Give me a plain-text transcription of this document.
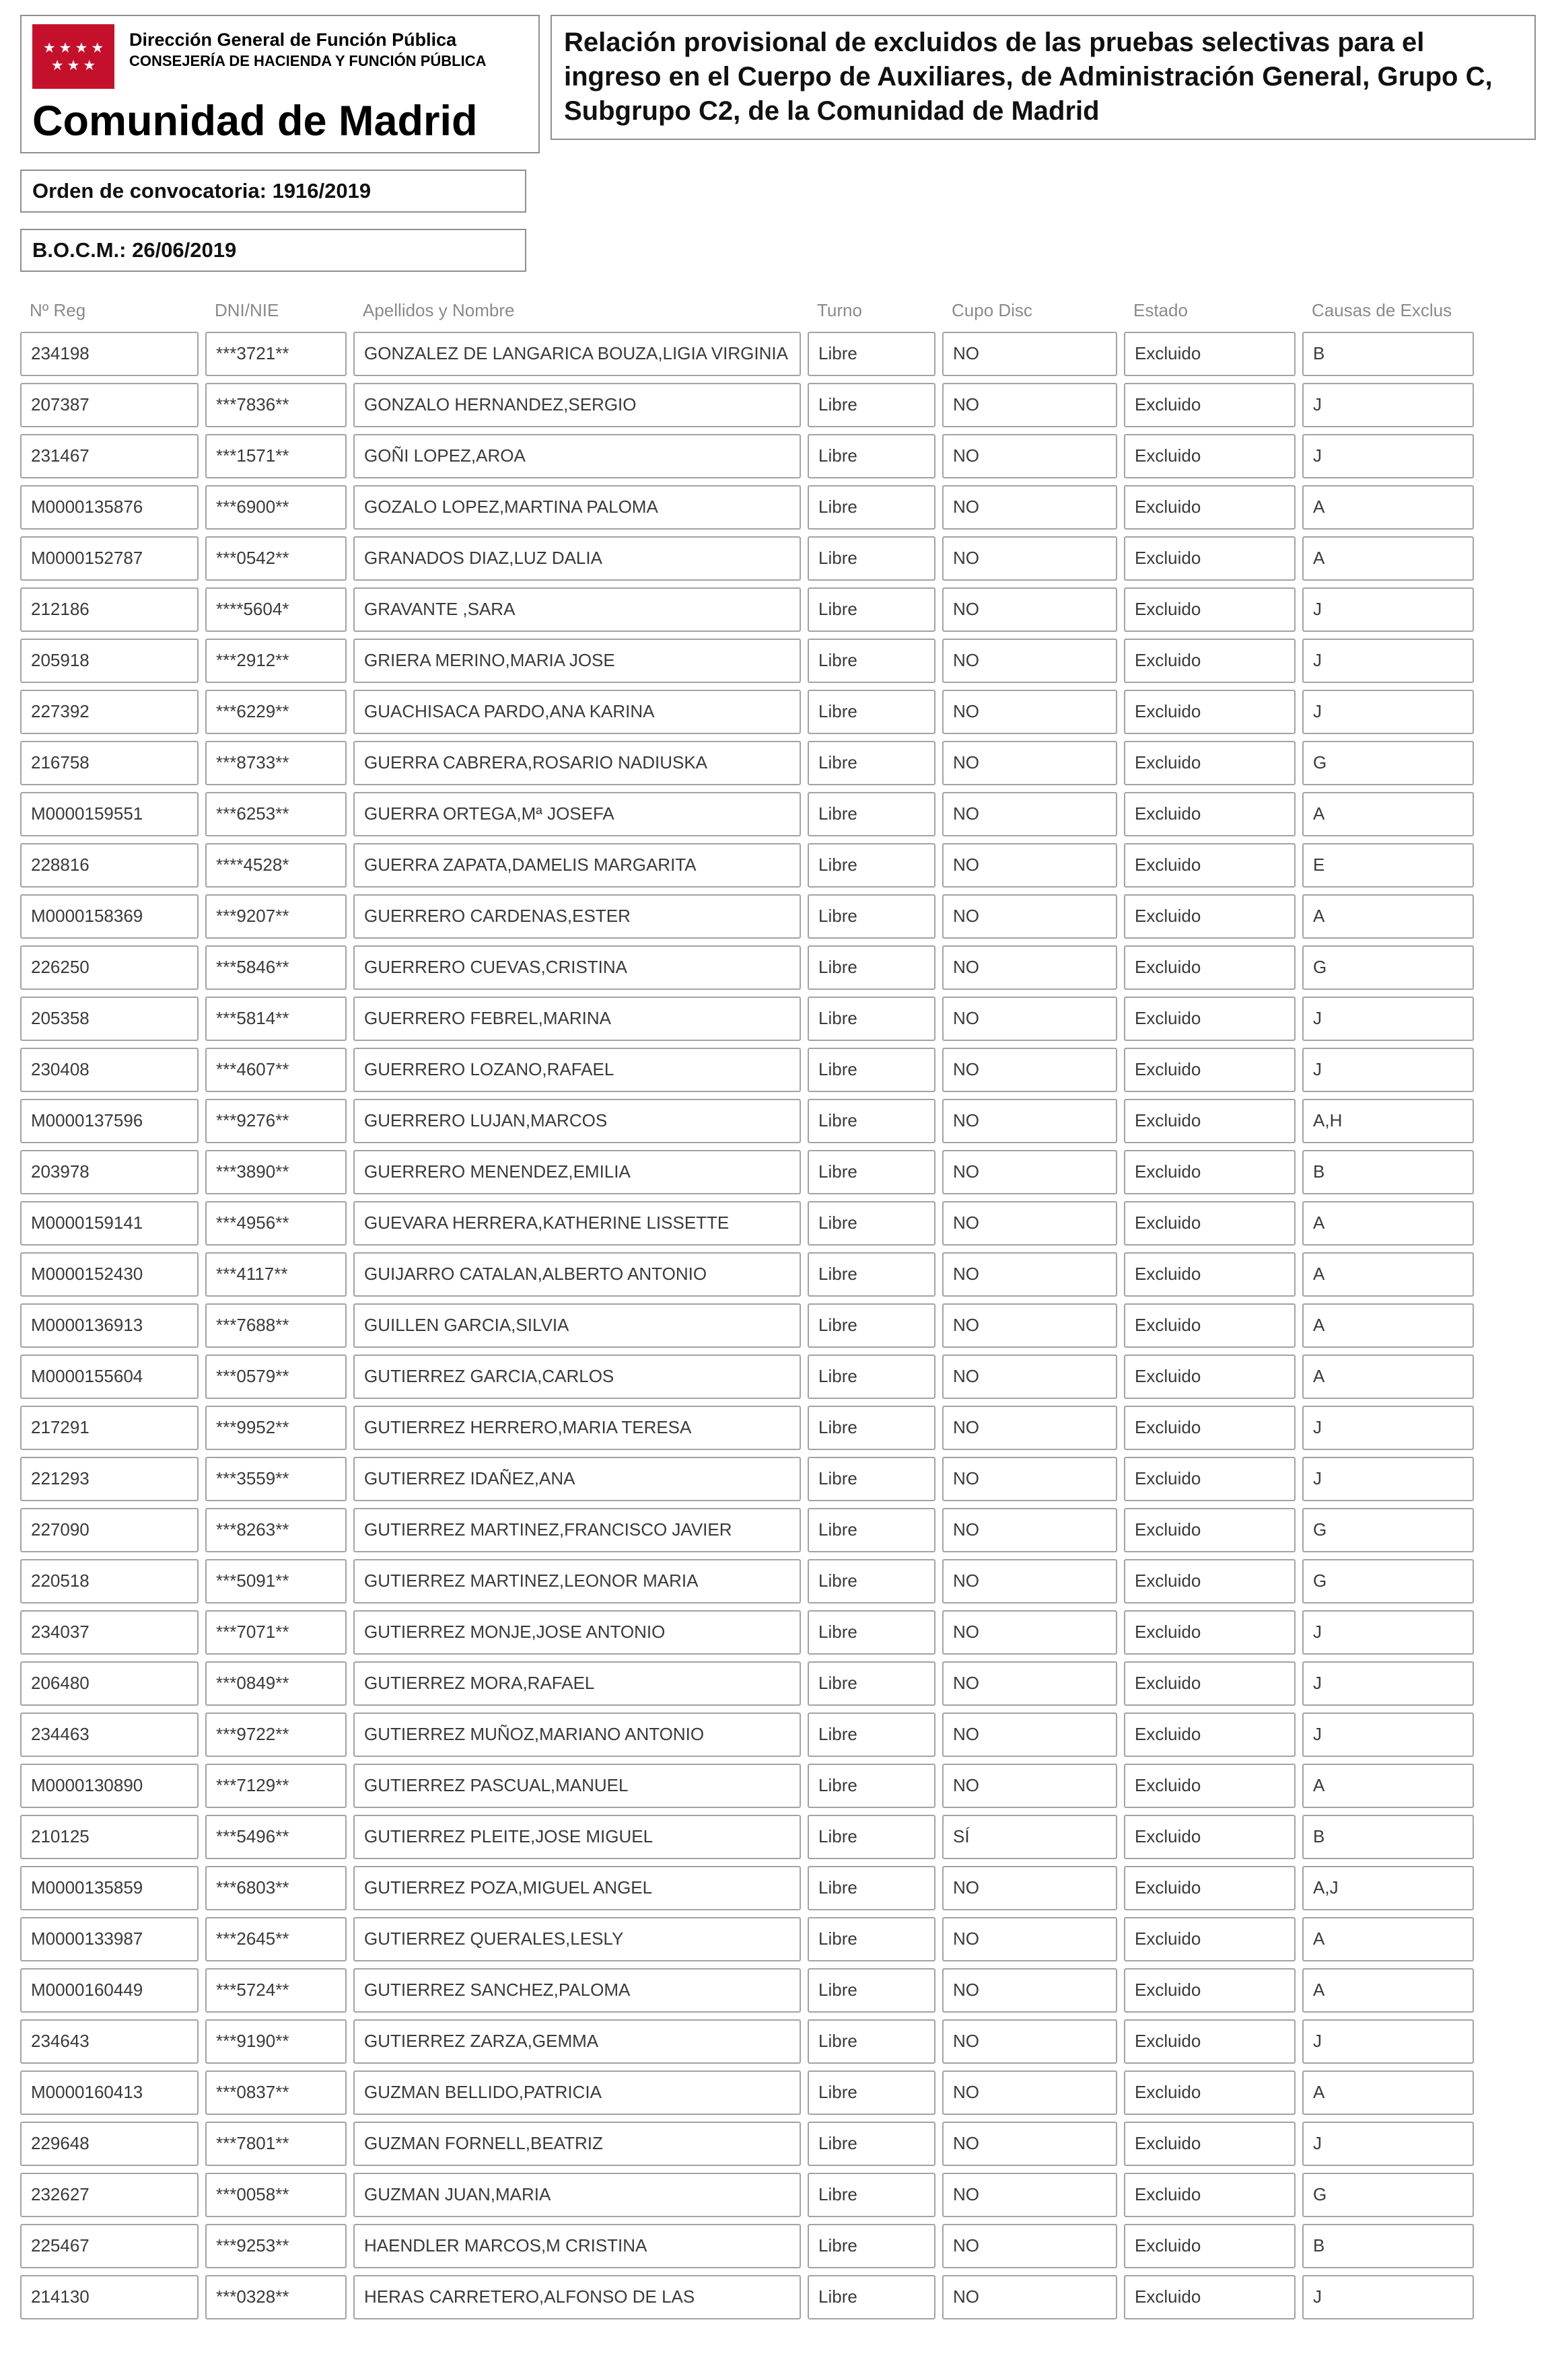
★★★★
★★★
Dirección General de Función Pública
CONSEJERÍA DE HACIENDA Y FUNCIÓN PÚBLICA
Comunidad de Madrid
Relación provisional de excluidos de las pruebas selectivas para el ingreso en el Cuerpo de Auxiliares, de Administración General, Grupo C, Subgrupo C2, de la Comunidad de Madrid
Orden de convocatoria: 1916/2019
B.O.C.M.: 26/06/2019
Nº Reg	DNI/NIE	Apellidos y Nombre	Turno	Cupo Disc	Estado	Causas de Exclus
234198	***3721**	GONZALEZ DE LANGARICA BOUZA,LIGIA VIRGINIA	Libre	NO	Excluido	B
207387	***7836**	GONZALO HERNANDEZ,SERGIO	Libre	NO	Excluido	J
231467	***1571**	GOÑI LOPEZ,AROA	Libre	NO	Excluido	J
M0000135876	***6900**	GOZALO LOPEZ,MARTINA PALOMA	Libre	NO	Excluido	A
M0000152787	***0542**	GRANADOS DIAZ,LUZ DALIA	Libre	NO	Excluido	A
212186	****5604*	GRAVANTE ,SARA	Libre	NO	Excluido	J
205918	***2912**	GRIERA MERINO,MARIA JOSE	Libre	NO	Excluido	J
227392	***6229**	GUACHISACA PARDO,ANA KARINA	Libre	NO	Excluido	J
216758	***8733**	GUERRA CABRERA,ROSARIO NADIUSKA	Libre	NO	Excluido	G
M0000159551	***6253**	GUERRA ORTEGA,Mª JOSEFA	Libre	NO	Excluido	A
228816	****4528*	GUERRA ZAPATA,DAMELIS MARGARITA	Libre	NO	Excluido	E
M0000158369	***9207**	GUERRERO CARDENAS,ESTER	Libre	NO	Excluido	A
226250	***5846**	GUERRERO CUEVAS,CRISTINA	Libre	NO	Excluido	G
205358	***5814**	GUERRERO FEBREL,MARINA	Libre	NO	Excluido	J
230408	***4607**	GUERRERO LOZANO,RAFAEL	Libre	NO	Excluido	J
M0000137596	***9276**	GUERRERO LUJAN,MARCOS	Libre	NO	Excluido	A,H
203978	***3890**	GUERRERO MENENDEZ,EMILIA	Libre	NO	Excluido	B
M0000159141	***4956**	GUEVARA HERRERA,KATHERINE LISSETTE	Libre	NO	Excluido	A
M0000152430	***4117**	GUIJARRO CATALAN,ALBERTO ANTONIO	Libre	NO	Excluido	A
M0000136913	***7688**	GUILLEN GARCIA,SILVIA	Libre	NO	Excluido	A
M0000155604	***0579**	GUTIERREZ GARCIA,CARLOS	Libre	NO	Excluido	A
217291	***9952**	GUTIERREZ HERRERO,MARIA TERESA	Libre	NO	Excluido	J
221293	***3559**	GUTIERREZ IDAÑEZ,ANA	Libre	NO	Excluido	J
227090	***8263**	GUTIERREZ MARTINEZ,FRANCISCO JAVIER	Libre	NO	Excluido	G
220518	***5091**	GUTIERREZ MARTINEZ,LEONOR MARIA	Libre	NO	Excluido	G
234037	***7071**	GUTIERREZ MONJE,JOSE ANTONIO	Libre	NO	Excluido	J
206480	***0849**	GUTIERREZ MORA,RAFAEL	Libre	NO	Excluido	J
234463	***9722**	GUTIERREZ MUÑOZ,MARIANO ANTONIO	Libre	NO	Excluido	J
M0000130890	***7129**	GUTIERREZ PASCUAL,MANUEL	Libre	NO	Excluido	A
210125	***5496**	GUTIERREZ PLEITE,JOSE MIGUEL	Libre	SÍ	Excluido	B
M0000135859	***6803**	GUTIERREZ POZA,MIGUEL ANGEL	Libre	NO	Excluido	A,J
M0000133987	***2645**	GUTIERREZ QUERALES,LESLY	Libre	NO	Excluido	A
M0000160449	***5724**	GUTIERREZ SANCHEZ,PALOMA	Libre	NO	Excluido	A
234643	***9190**	GUTIERREZ ZARZA,GEMMA	Libre	NO	Excluido	J
M0000160413	***0837**	GUZMAN BELLIDO,PATRICIA	Libre	NO	Excluido	A
229648	***7801**	GUZMAN FORNELL,BEATRIZ	Libre	NO	Excluido	J
232627	***0058**	GUZMAN JUAN,MARIA	Libre	NO	Excluido	G
225467	***9253**	HAENDLER MARCOS,M CRISTINA	Libre	NO	Excluido	B
214130	***0328**	HERAS CARRETERO,ALFONSO DE LAS	Libre	NO	Excluido	J
